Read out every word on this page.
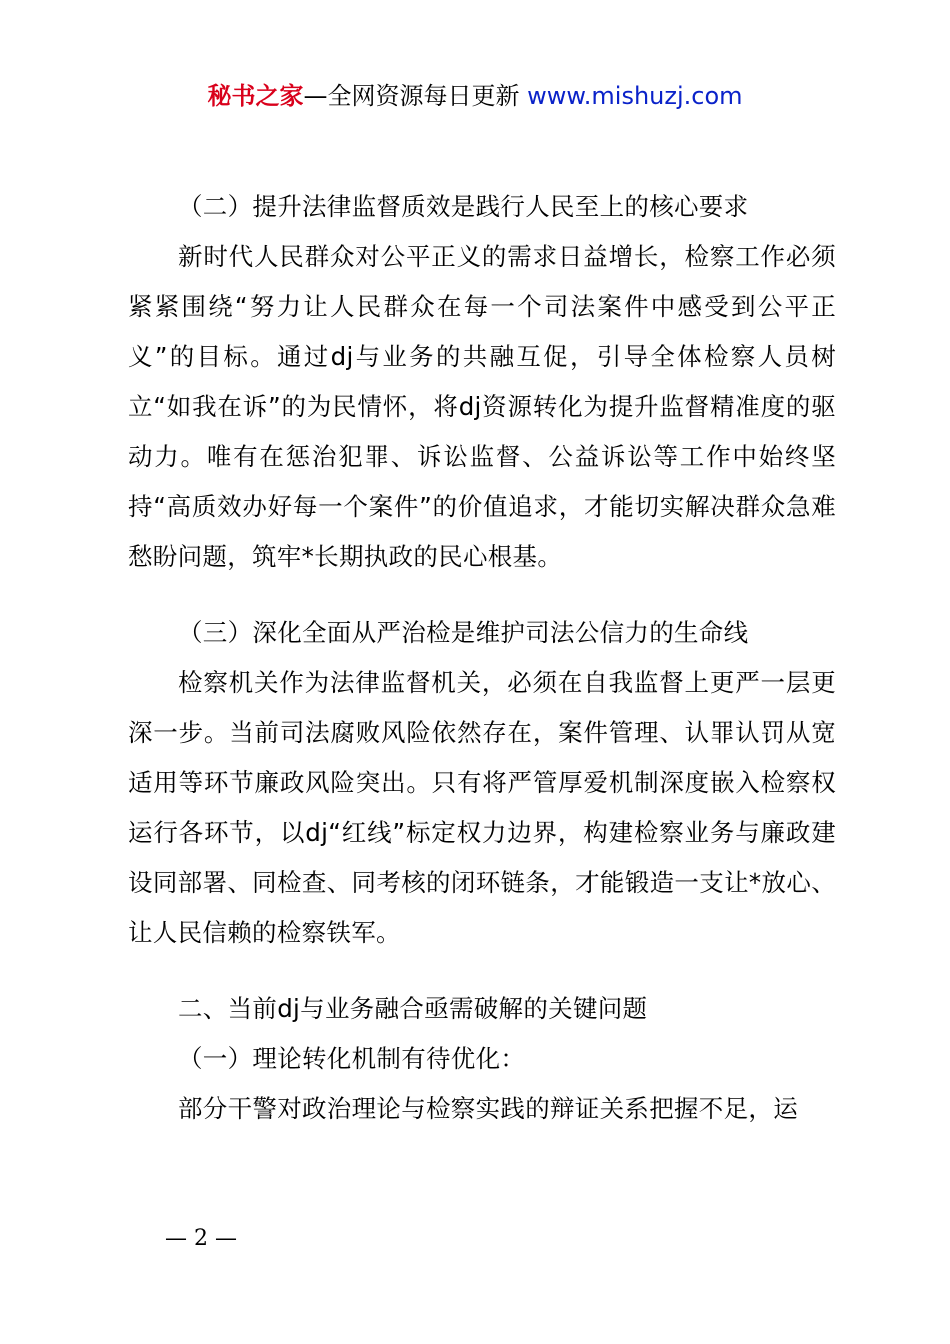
秘书之家—全网资源每日更新 www.mishuzj.com

（二）提升法律监督质效是践行人民至上的核心要求

新时代人民群众对公平正义的需求日益增长，检察工作必须紧紧围绕“努力让人民群众在每一个司法案件中感受到公平正义”的目标。通过dj与业务的共融互促，引导全体检察人员树立“如我在诉”的为民情怀，将dj资源转化为提升监督精准度的驱动力。唯有在惩治犯罪、诉讼监督、公益诉讼等工作中始终坚持“高质效办好每一个案件”的价值追求，才能切实解决群众急难愁盼问题，筑牢*长期执政的民心根基。

（三）深化全面从严治检是维护司法公信力的生命线

检察机关作为法律监督机关，必须在自我监督上更严一层更深一步。当前司法腐败风险依然存在，案件管理、认罪认罚从宽适用等环节廉政风险突出。只有将严管厚爱机制深度嵌入检察权运行各环节，以dj“红线”标定权力边界，构建检察业务与廉政建设同部署、同检查、同考核的闭环链条，才能锻造一支让*放心、让人民信赖的检察铁军。

二、当前dj与业务融合亟需破解的关键问题

（一）理论转化机制有待优化：

部分干警对政治理论与检察实践的辩证关系把握不足，运

— 2 —
